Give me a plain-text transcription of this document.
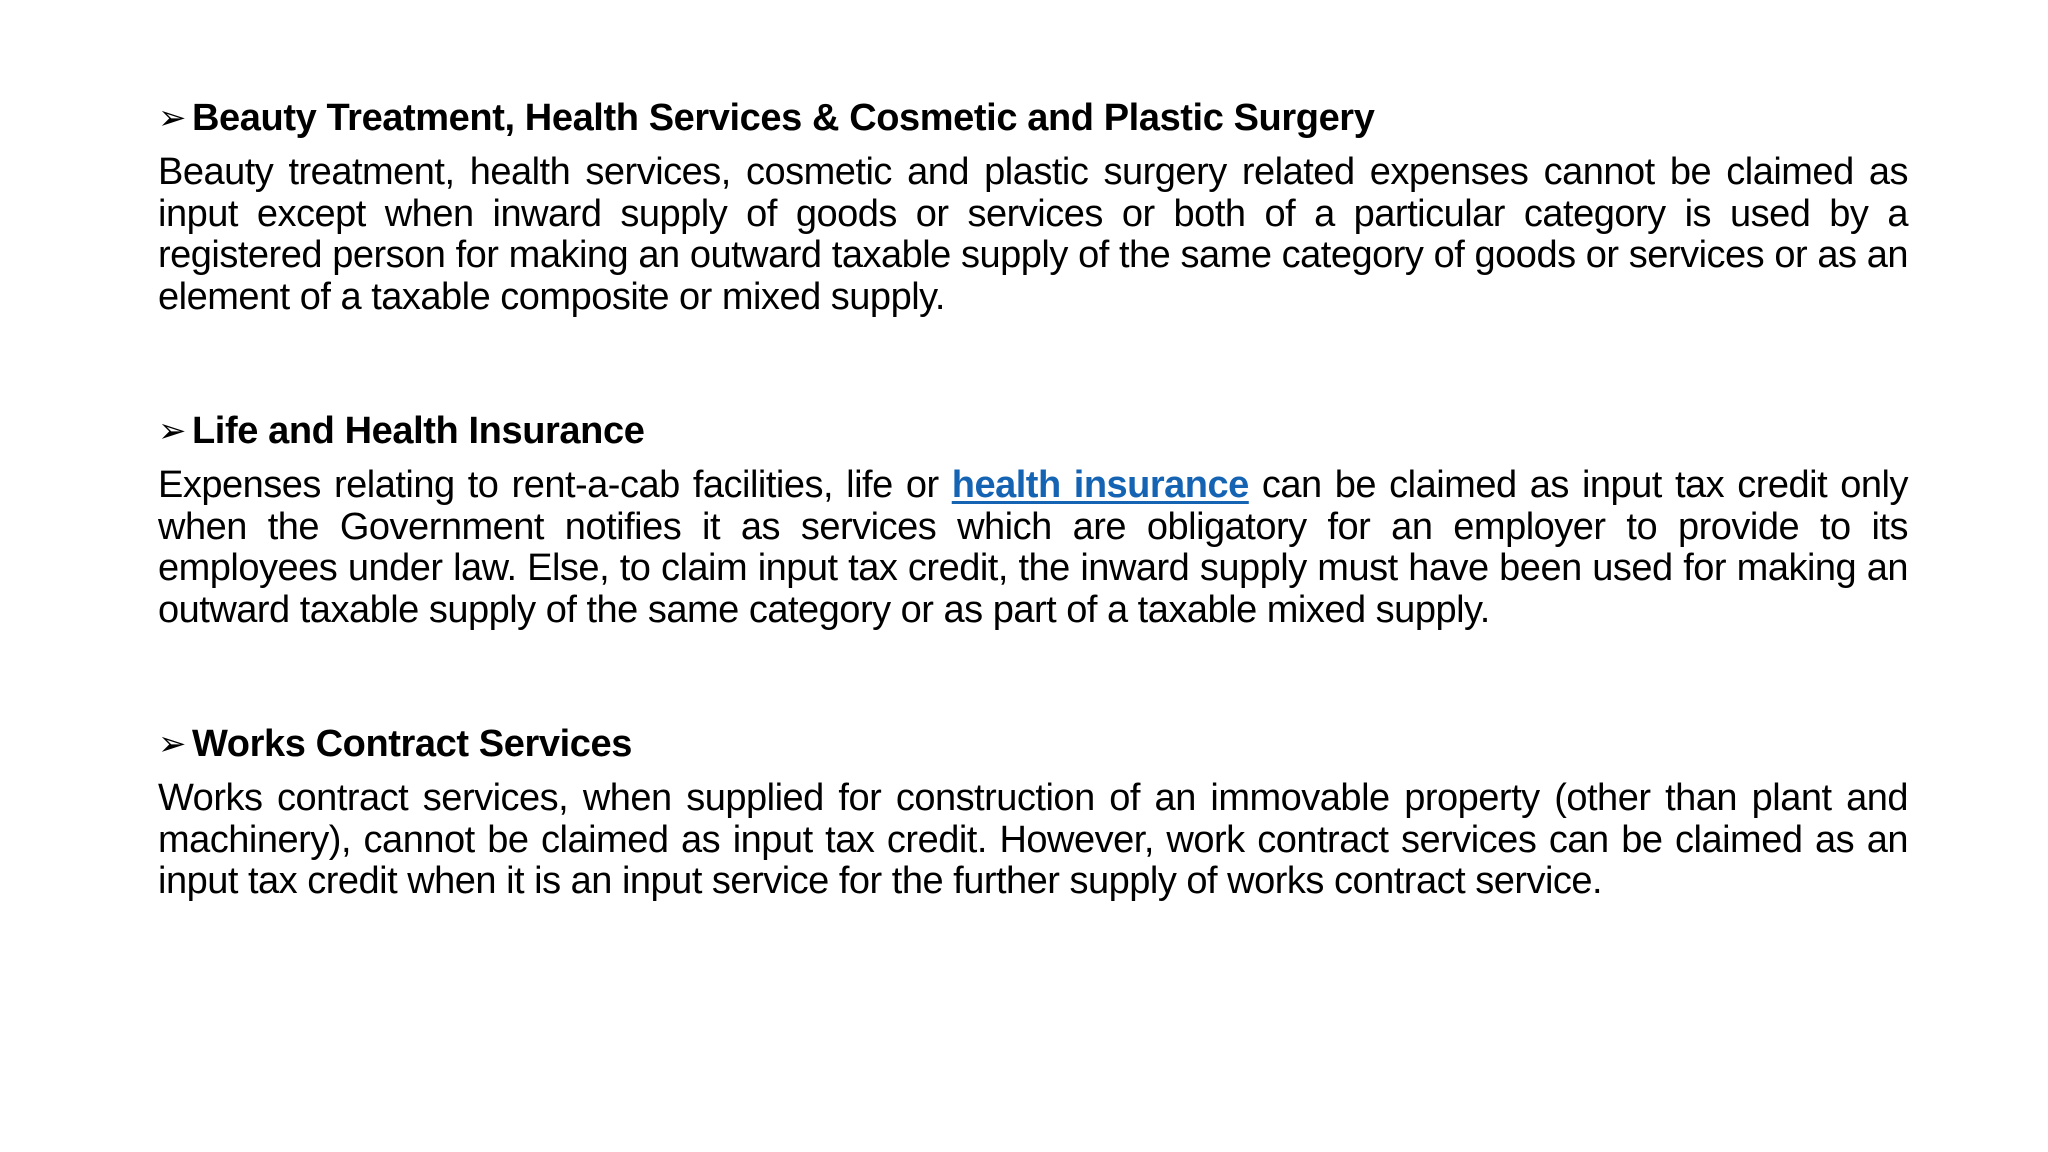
➢ Beauty Treatment, Health Services & Cosmetic and Plastic Surgery

Beauty treatment, health services, cosmetic and plastic surgery related expenses cannot be claimed as input except when inward supply of goods or services or both of a particular category is used by a registered person for making an outward taxable supply of the same category of goods or services or as an element of a taxable composite or mixed supply.

➢ Life and Health Insurance

Expenses relating to rent-a-cab facilities, life or health insurance can be claimed as input tax credit only when the Government notifies it as services which are obligatory for an employer to provide to its employees under law. Else, to claim input tax credit, the inward supply must have been used for making an outward taxable supply of the same category or as part of a taxable mixed supply.

➢ Works Contract Services

Works contract services, when supplied for construction of an immovable property (other than plant and machinery), cannot be claimed as input tax credit. However, work contract services can be claimed as an input tax credit when it is an input service for the further supply of works contract service.
